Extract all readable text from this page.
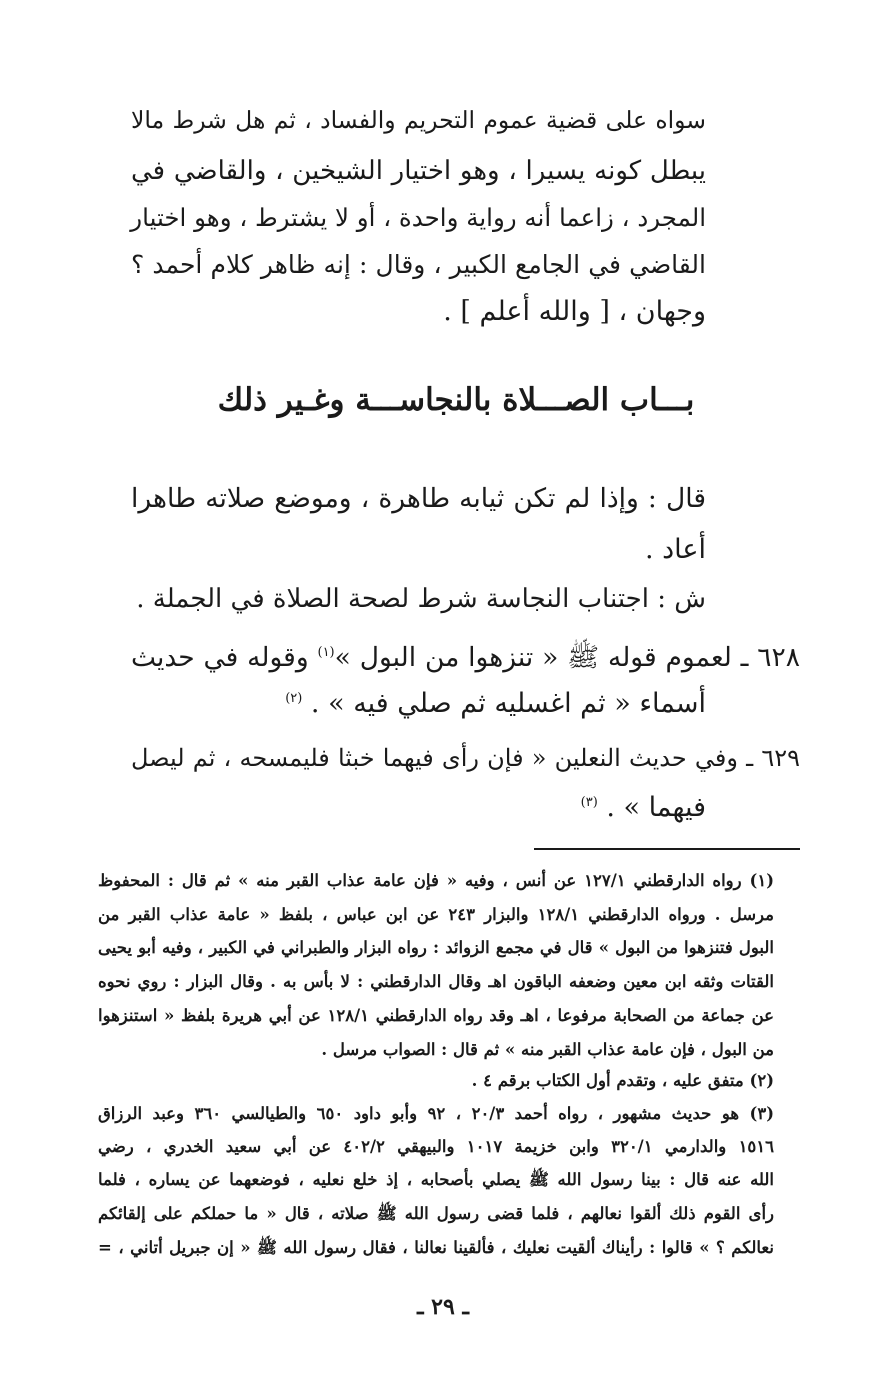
سواه على قضية عموم التحريم والفساد ، ثم هل شرط مالا
يبطل كونه يسيرا ، وهو اختيار الشيخين ، والقاضي في
المجرد ، زاعما أنه رواية واحدة ، أو لا يشترط ، وهو اختيار
القاضي في الجامع الكبير ، وقال : إنه ظاهر كلام أحمد ؟
وجهان ، [ والله أعلم ] .
بـــاب الصـــلاة بالنجاســـة وغـير ذلك
قال : وإذا لم تكن ثيابه طاهرة ، وموضع صلاته طاهرا
أعاد .
ش : اجتناب النجاسة شرط لصحة الصلاة في الجملة .
٦٢٨ ـ لعموم قوله ﷺ « تنزهوا من البول »$^{(١)}$ وقوله في حديث
أسماء « ثم اغسليه ثم صلي فيه » . $^{(٢)}$
٦٢٩ ـ وفي حديث النعلين « فإن رأى فيهما خبثا فليمسحه ، ثم ليصل
فيهما » . $^{(٣)}$
(١) رواه الدارقطني ١٢٧/١ عن أنس ، وفيه « فإن عامة عذاب القبر منه » ثم قال : المحفوظ
مرسل . ورواه الدارقطني ١٢٨/١ والبزار ٢٤٣ عن ابن عباس ، بلفظ « عامة عذاب القبر من
البول فتنزهوا من البول » قال في مجمع الزوائد : رواه البزار والطبراني في الكبير ، وفيه أبو يحيى
القتات وثقه ابن معين وضعفه الباقون اهـ وقال الدارقطني : لا بأس به . وقال البزار : روي نحوه
عن جماعة من الصحابة مرفوعا ، اهـ وقد رواه الدارقطني ١٢٨/١ عن أبي هريرة بلفظ « استنزهوا
من البول ، فإن عامة عذاب القبر منه » ثم قال : الصواب مرسل .
(٢) متفق عليه ، وتقدم أول الكتاب برقم ٤ .
(٣) هو حديث مشهور ، رواه أحمد ٢٠/٣ ، ٩٢ وأبو داود ٦٥٠ والطيالسي ٣٦٠ وعبد الرزاق
١٥١٦ والدارمي ٣٢٠/١ وابن خزيمة ١٠١٧ والبيهقي ٤٠٢/٢ عن أبي سعيد الخدري ، رضي
الله عنه قال : بينا رسول الله ﷺ يصلي بأصحابه ، إذ خلع نعليه ، فوضعهما عن يساره ، فلما
رأى القوم ذلك ألقوا نعالهم ، فلما قضى رسول الله ﷺ صلاته ، قال « ما حملكم على إلقائكم
نعالكم ؟ » قالوا : رأيناك ألقيت نعليك ، فألقينا نعالنا ، فقال رسول الله ﷺ « إن جبريل أتاني ، =
ـ ٢٩ ـ
